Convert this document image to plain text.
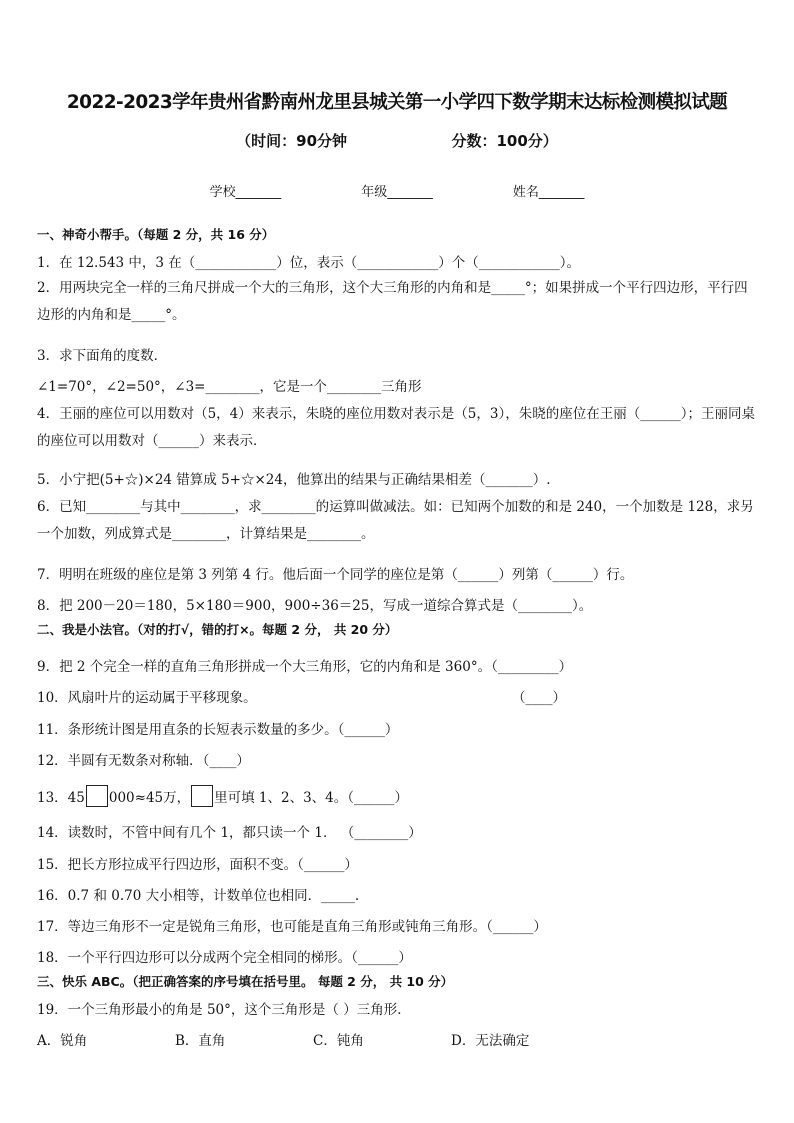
2022-2023学年贵州省黔南州龙里县城关第一小学四下数学期末达标检测模拟试题
（时间：90分钟	分数：100分）
学校_______	年级_______	姓名_______
一、神奇小帮手。（每题 2 分，共 16 分）
1．在 12.543 中，3 在（____________）位，表示（____________）个（____________）。
2．用两块完全一样的三角尺拼成一个大的三角形，这个大三角形的内角和是_____°；如果拼成一个平行四边形，平行四边形的内角和是_____°。
3．求下面角的度数．
∠1=70°，∠2=50°，∠3=________，它是一个________三角形
4．王丽的座位可以用数对（5，4）来表示，朱晓的座位用数对表示是（5，3），朱晓的座位在王丽（______）；王丽同桌的座位可以用数对（______）来表示．
5．小宁把(5+☆)×24 错算成 5+☆×24，他算出的结果与正确结果相差（_______）.
6．已知________与其中________，求________的运算叫做减法。如：已知两个加数的和是 240，一个加数是 128，求另一个加数，列成算式是________，计算结果是________。
7．明明在班级的座位是第 3 列第 4 行。他后面一个同学的座位是第（______）列第（______）行。
8．把 200－20＝180，5×180＝900，900÷36＝25，写成一道综合算式是（________）。
二、我是小法官。（对的打√，错的打×。每题 2 分， 共 20 分）
9．把 2 个完全一样的直角三角形拼成一个大三角形，它的内角和是 360°。（_________）
10．风扇叶片的运动属于平移现象。	（____）
11．条形统计图是用直条的长短表示数量的多少。（______）
12．半圆有无数条对称轴．（____）
13．45 000≈45万， 里可填 1、2、3、4。（______）
14．读数时，不管中间有几个 1，都只读一个 1． （________）
15．把长方形拉成平行四边形，面积不变。（______）
16．0.7 和 0.70 大小相等，计数单位也相同．_____.
17．等边三角形不一定是锐角三角形，也可能是直角三角形或钝角三角形。（______）
18．一个平行四边形可以分成两个完全相同的梯形。（______）
三、快乐 ABC。（把正确答案的序号填在括号里。 每题 2 分， 共 10 分）
19．一个三角形最小的角是 50°，这个三角形是（ ）三角形．
A．锐角	B．直角	C．钝角	D．无法确定
